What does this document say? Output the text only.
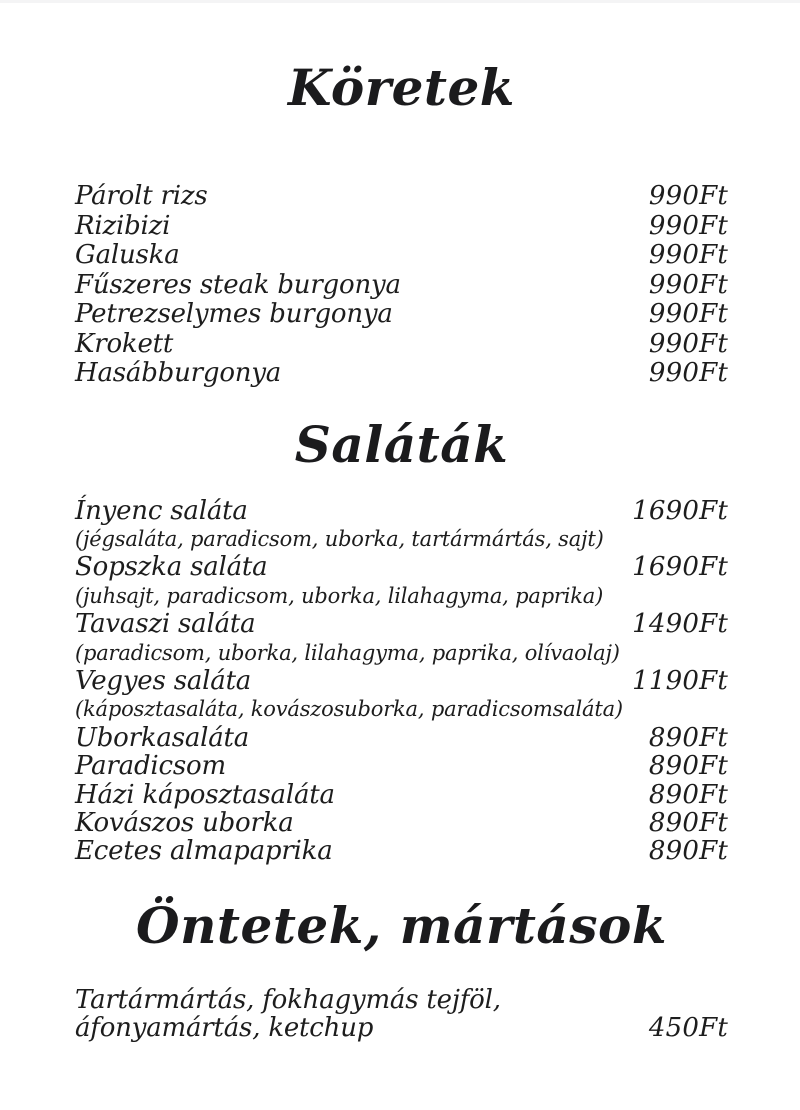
Köretek
Párolt rizs	990Ft
Rizibizi	990Ft
Galuska	990Ft
Fűszeres steak burgonya	990Ft
Petrezselymes burgonya	990Ft
Krokett	990Ft
Hasábburgonya	990Ft
Saláták
Ínyenc saláta	1690Ft
(jégsaláta, paradicsom, uborka, tartármártás, sajt)
Sopszka saláta	1690Ft
(juhsajt, paradicsom, uborka, lilahagyma, paprika)
Tavaszi saláta	1490Ft
(paradicsom, uborka, lilahagyma, paprika, olívaolaj)
Vegyes saláta	1190Ft
(káposztasaláta, kovászosuborka, paradicsomsaláta)
Uborkasaláta	890Ft
Paradicsom	890Ft
Házi káposztasaláta	890Ft
Kovászos uborka	890Ft
Ecetes almapaprika	890Ft
Öntetek, mártások
Tartármártás, fokhagymás tejföl,
áfonyamártás, ketchup	450Ft
